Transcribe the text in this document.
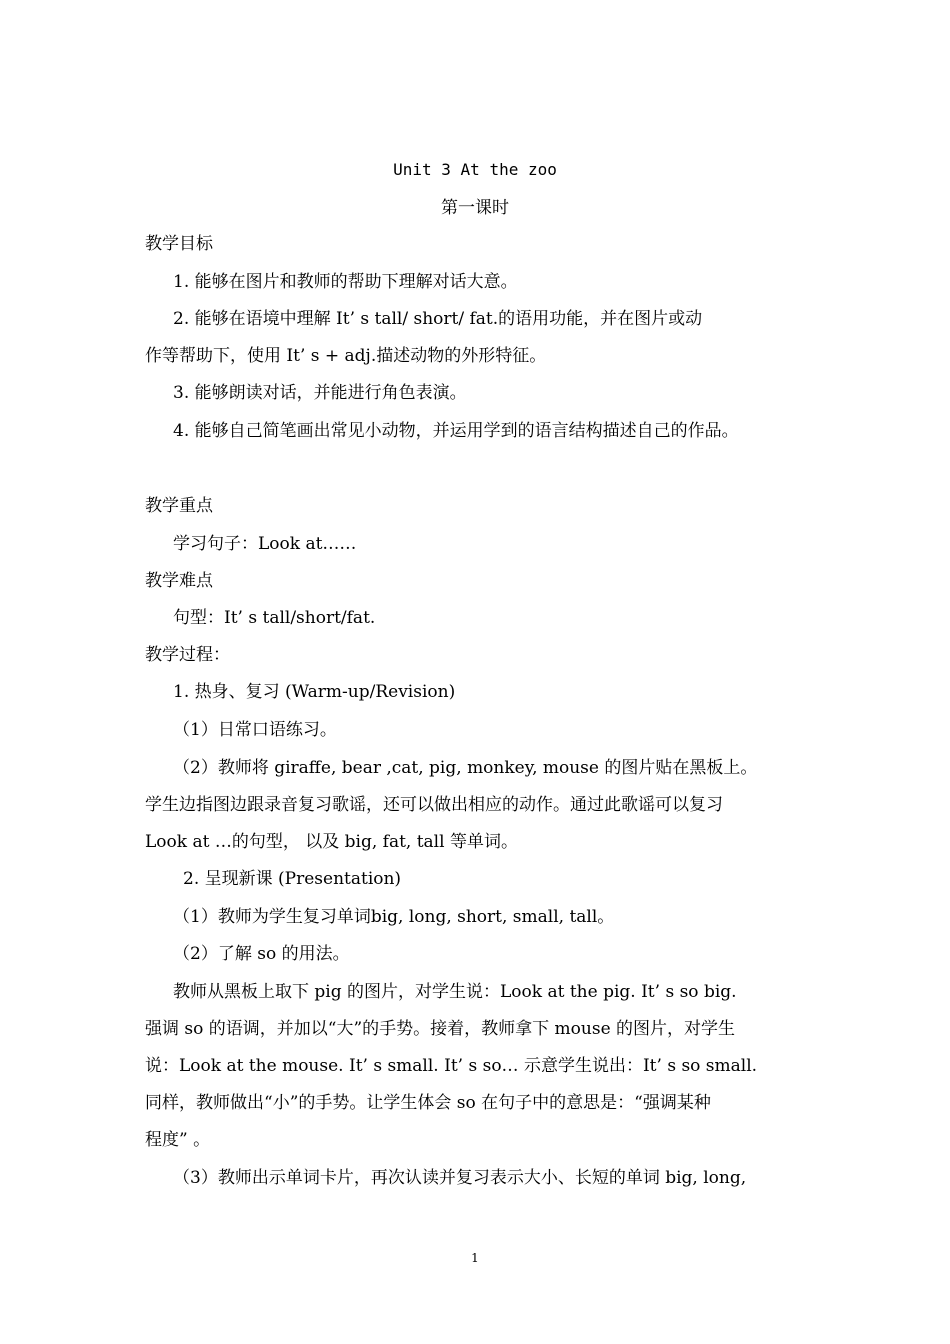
Unit 3 At the zoo
第一课时
教学目标
1. 能够在图片和教师的帮助下理解对话大意。
2. 能够在语境中理解 It’ s tall/ short/ fat.的语用功能，并在图片或动
作等帮助下，使用 It’ s + adj.描述动物的外形特征。
3. 能够朗读对话，并能进行角色表演。
4. 能够自己简笔画出常见小动物，并运用学到的语言结构描述自己的作品。
教学重点
学习句子：Look at……
教学难点
句型：It’ s tall/short/fat.
教学过程：
1. 热身、复习 (Warm-up/Revision)
（1）日常口语练习。
（2）教师将 giraffe, bear ,cat, pig, monkey, mouse 的图片贴在黑板上。
学生边指图边跟录音复习歌谣，还可以做出相应的动作。通过此歌谣可以复习
Look at …的句型， 以及 big, fat, tall 等单词。
2. 呈现新课 (Presentation)
（1）教师为学生复习单词big, long, short, small, tall。
（2）了解 so 的用法。
教师从黑板上取下 pig 的图片，对学生说：Look at the pig. It’ s so big.
强调 so 的语调，并加以“大”的手势。接着，教师拿下 mouse 的图片，对学生
说：Look at the mouse. It’ s small. It’ s so… 示意学生说出：It’ s so small.
同样，教师做出“小”的手势。让学生体会 so 在句子中的意思是：“强调某种
程度” 。
（3）教师出示单词卡片，再次认读并复习表示大小、长短的单词 big, long,
1
